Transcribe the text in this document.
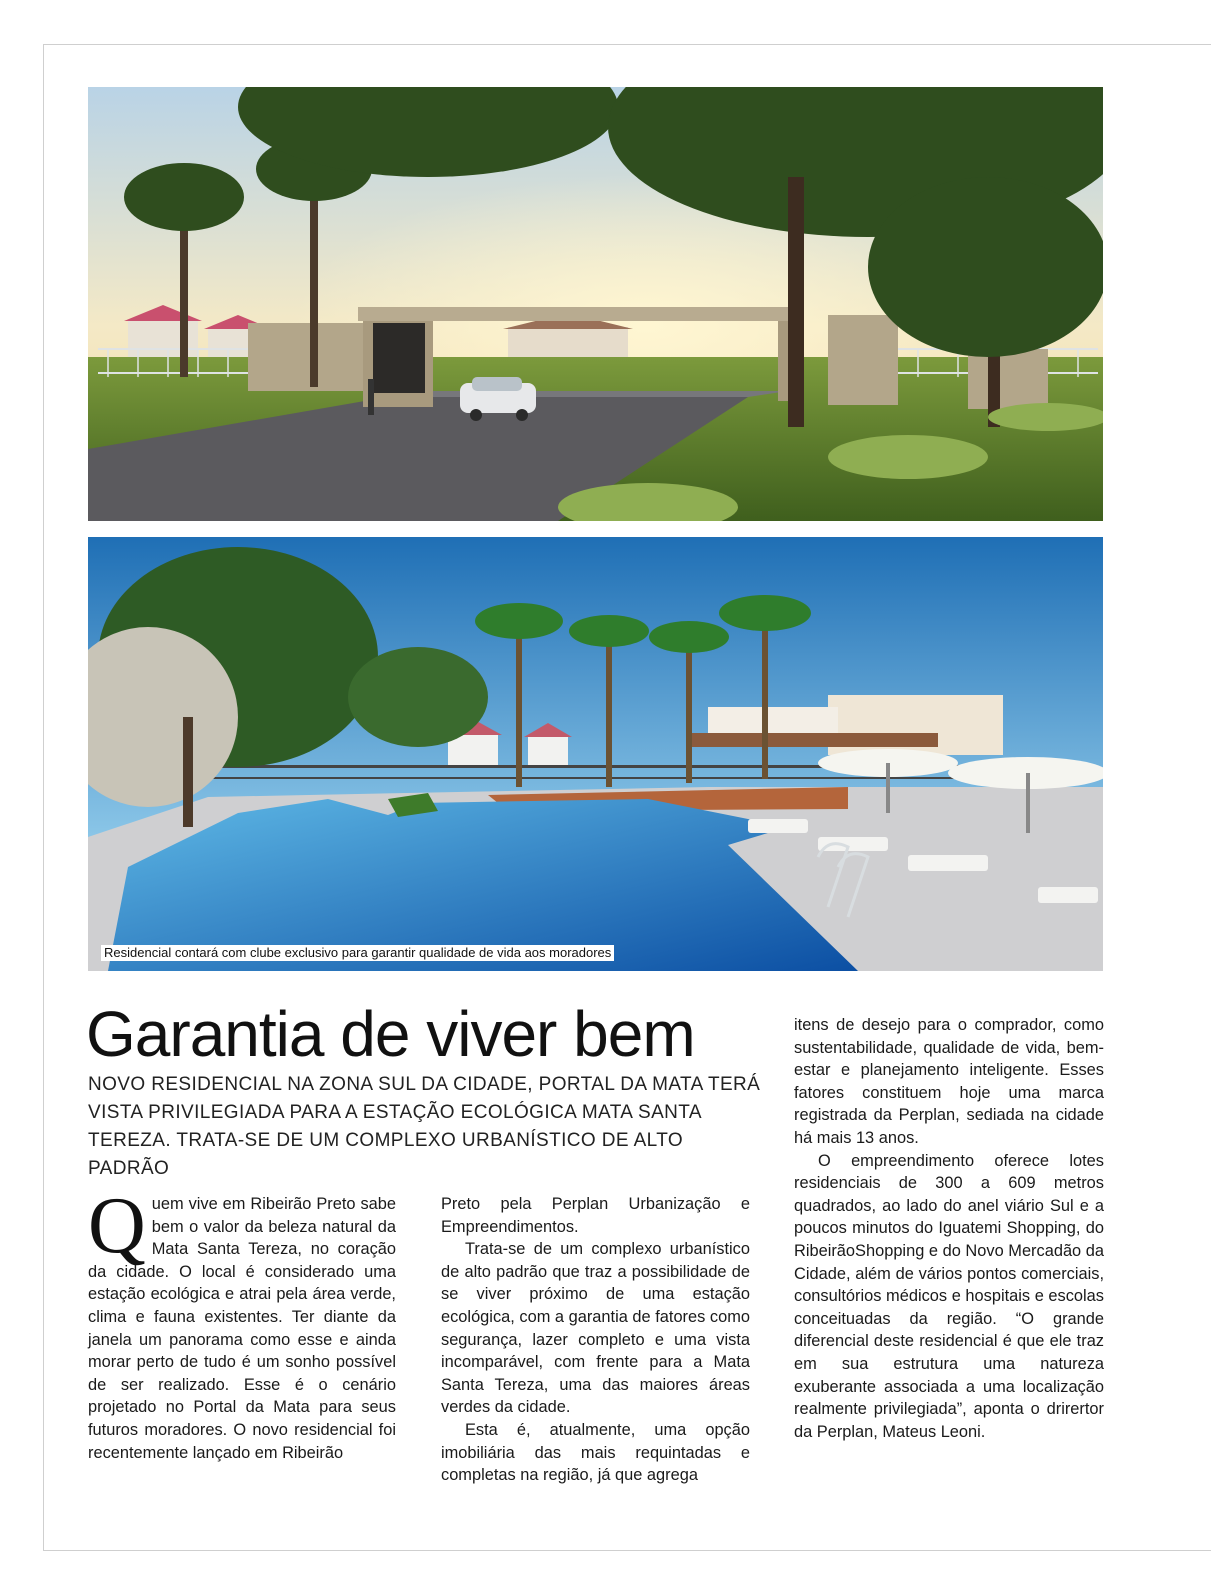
Residencial contará com clube exclusivo para garantir qualidade de vida aos moradores
Garantia de viver bem

NOVO RESIDENCIAL NA ZONA SUL DA CIDADE, PORTAL DA MATA TERÁ VISTA PRIVILEGIADA PARA A ESTAÇÃO ECOLÓGICA MATA SANTA TEREZA. TRATA-SE DE UM COMPLEXO URBANÍSTICO DE ALTO PADRÃO

Quem vive em Ribeirão Preto sabe bem o valor da beleza natural da Mata Santa Tereza, no coração da cidade. O local é considerado uma estação ecológica e atrai pela área verde, clima e fauna existentes. Ter diante da janela um panorama como esse e ainda morar perto de tudo é um sonho possível de ser realizado. Esse é o cenário projetado no Portal da Mata para seus futuros moradores. O novo residencial foi recentemente lançado em Ribeirão

Preto pela Perplan Urbanização e Empreendimentos.

Trata-se de um complexo urbanístico de alto padrão que traz a possibilidade de se viver próximo de uma estação ecológica, com a garantia de fatores como segurança, lazer completo e uma vista incomparável, com frente para a Mata Santa Tereza, uma das maiores áreas verdes da cidade.

Esta é, atualmente, uma opção imobiliária das mais requintadas e completas na região, já que agrega

itens de desejo para o comprador, como sustentabilidade, qualidade de vida, bem-estar e planejamento inteligente. Esses fatores constituem hoje uma marca registrada da Perplan, sediada na cidade há mais 13 anos.

O empreendimento oferece lotes residenciais de 300 a 609 metros quadrados, ao lado do anel viário Sul e a poucos minutos do Iguatemi Shopping, do RibeirãoShopping e do Novo Mercadão da Cidade, além de vários pontos comerciais, consultórios médicos e hospitais e escolas conceituadas da região. “O grande diferencial deste residencial é que ele traz em sua estrutura uma natureza exuberante associada a uma localização realmente privilegiada”, aponta o drirertor da Perplan, Mateus Leoni.
